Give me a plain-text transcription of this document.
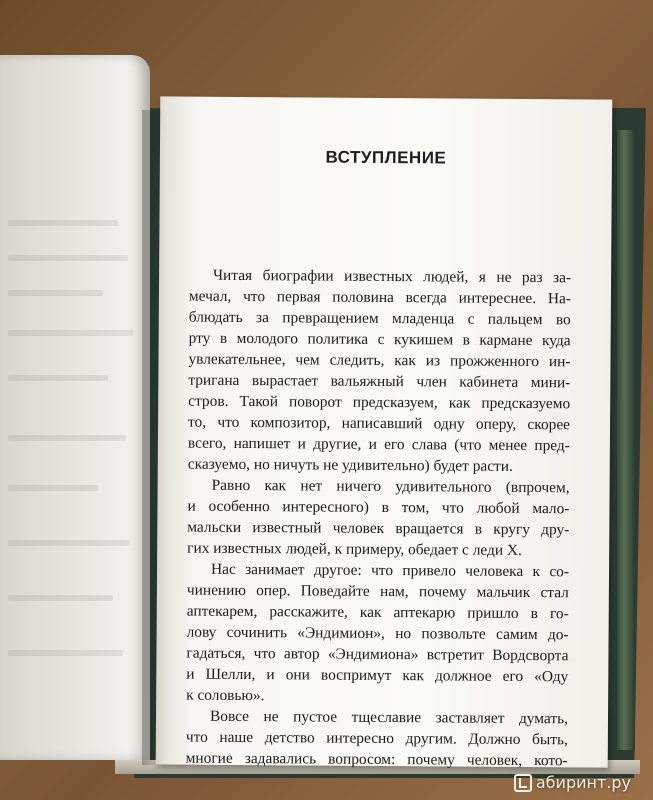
ВСТУПЛЕНИЕ
Читая биографии известных людей, я не раз за-
мечал, что первая половина всегда интереснее. На-
блюдать за превращением младенца с пальцем во
рту в молодого политика с кукишем в кармане куда
увлекательнее, чем следить, как из прожженного ин-
тригана вырастает вальяжный член кабинета мини-
стров. Такой поворот предсказуем, как предсказуемо
то, что композитор, написавший одну оперу, скорее
всего, напишет и другие, и его слава (что менее пред-
сказуемо, но ничуть не удивительно) будет расти.
Равно как нет ничего удивительного (впрочем,
и особенно интересного) в том, что любой мало-
мальски известный человек вращается в кругу дру-
гих известных людей, к примеру, обедает с леди Х.
Нас занимает другое: что привело человека к со-
чинению опер. Поведайте нам, почему мальчик стал
аптекарем, расскажите, как аптекарю пришло в го-
лову сочинить «Эндимион», но позвольте самим до-
гадаться, что автор «Эндимиона» встретит Вордсворта
и Шелли, и они воспримут как должное его «Оду
к соловью».
Вовсе не пустое тщеславие заставляет думать,
что наше детство интересно другим. Должно быть,
многие задавались вопросом: почему человек, кото-
абиринт.ру
